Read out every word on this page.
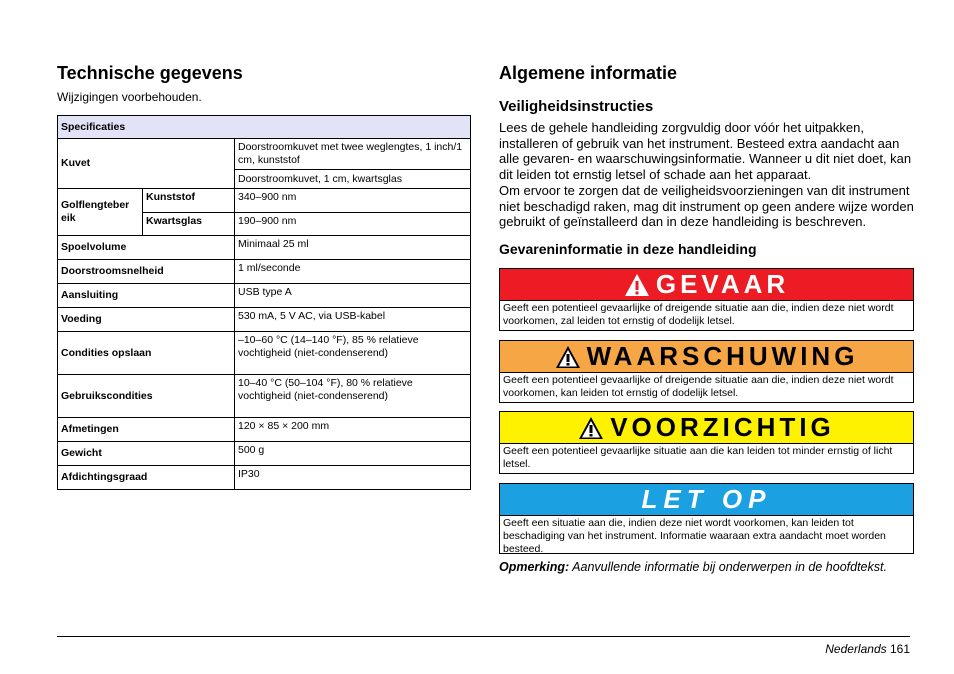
Technische gegevens
Wijzigingen voorbehouden.
Specificaties		
Kuvet		Doorstroomkuvet met twee weglengtes, 1 inch/1 cm, kunststof
		Doorstroomkuvet, 1 cm, kwartsglas
Golflengteber eik	Kunststof	340–900 nm
	Kwartsglas	190–900 nm
Spoelvolume		Minimaal 25 ml
Doorstroomsnelheid		1 ml/seconde
Aansluiting		USB type A
Voeding		530 mA, 5 V AC, via USB-kabel
Condities opslaan		–10–60 °C (14–140 °F), 85 % relatieve vochtigheid (niet-condenserend)
Gebruikscondities		10–40 °C (50–104 °F), 80 % relatieve vochtigheid (niet-condenserend)
Afmetingen		120 × 85 × 200 mm
Gewicht		500 g
Afdichtingsgraad		IP30
Algemene informatie
Veiligheidsinstructies
Lees de gehele handleiding zorgvuldig door vóór het uitpakken, installeren of gebruik van het instrument. Besteed extra aandacht aan alle gevaren- en waarschuwingsinformatie. Wanneer u dit niet doet, kan dit leiden tot ernstig letsel of schade aan het apparaat.
Om ervoor te zorgen dat de veiligheidsvoorzieningen van dit instrument niet beschadigd raken, mag dit instrument op geen andere wijze worden gebruikt of geïnstalleerd dan in deze handleiding is beschreven.
Gevareninformatie in deze handleiding
GEVAAR
Geeft een potentieel gevaarlijke of dreigende situatie aan die, indien deze niet wordt voorkomen, zal leiden tot ernstig of dodelijk letsel.
WAARSCHUWING
Geeft een potentieel gevaarlijke of dreigende situatie aan die, indien deze niet wordt voorkomen, kan leiden tot ernstig of dodelijk letsel.
VOORZICHTIG
Geeft een potentieel gevaarlijke situatie aan die kan leiden tot minder ernstig of licht letsel.
LET OP
Geeft een situatie aan die, indien deze niet wordt voorkomen, kan leiden tot beschadiging van het instrument. Informatie waaraan extra aandacht moet worden besteed.
Opmerking: Aanvullende informatie bij onderwerpen in de hoofdtekst.
Nederlands 161
